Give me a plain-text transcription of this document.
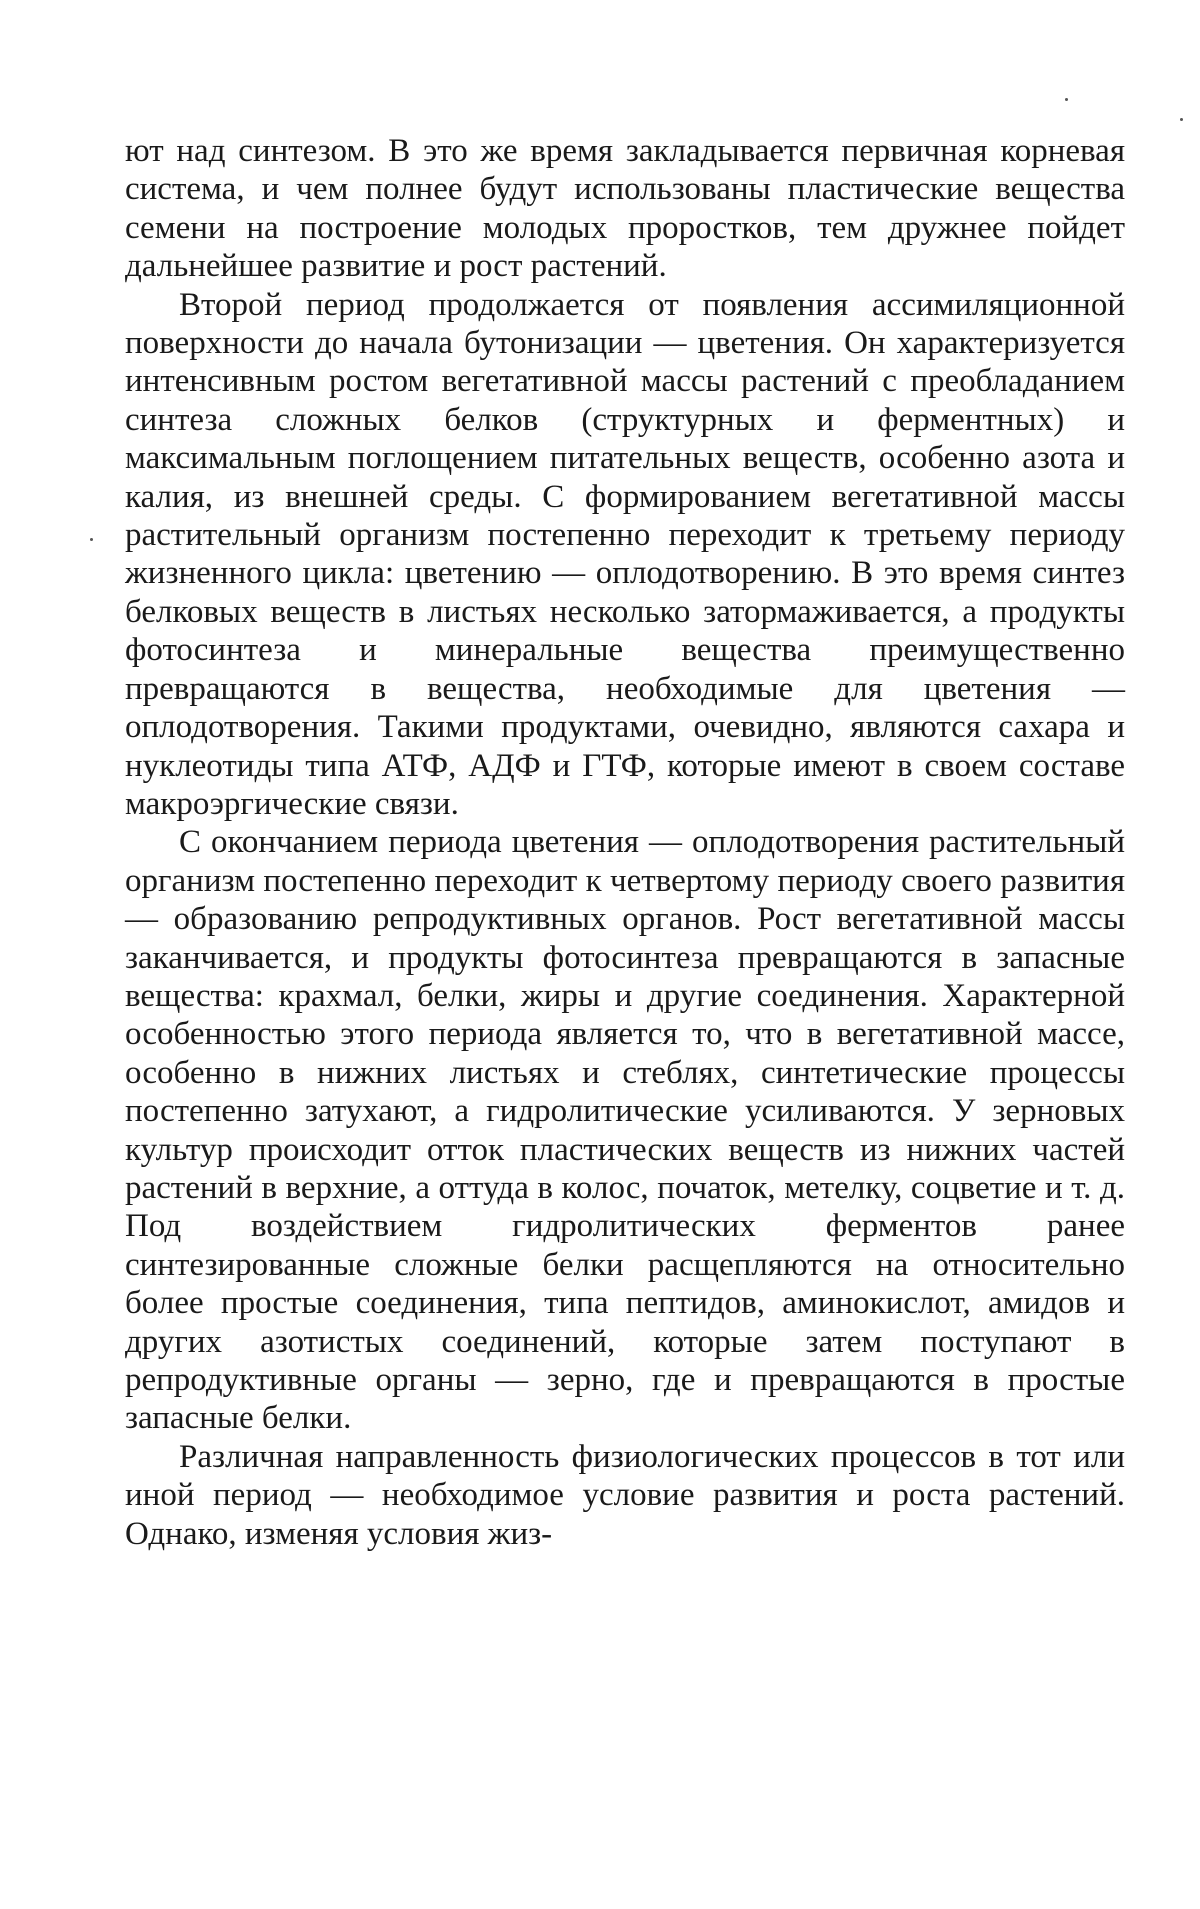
ют над синтезом. В это же время закладывается первичная корневая система, и чем полнее будут использованы пластические вещества семени на построение молодых проростков, тем дружнее пойдет дальнейшее развитие и рост растений.

Второй период продолжается от появления ассимиляционной поверхности до начала бутонизации — цветения. Он характеризуется интенсивным ростом вегетативной массы растений с преобладанием синтеза сложных белков (структурных и ферментных) и максимальным поглощением питательных веществ, особенно азота и калия, из внешней среды. С формированием вегетативной массы растительный организм постепенно переходит к третьему периоду жизненного цикла: цветению — оплодотворению. В это время синтез белковых веществ в листьях несколько затормаживается, а продукты фотосинтеза и минеральные вещества преимущественно превращаются в вещества, необходимые для цветения — оплодотворения. Такими продуктами, очевидно, являются сахара и нуклеотиды типа АТФ, АДФ и ГТФ, которые имеют в своем составе макроэргические связи.

С окончанием периода цветения — оплодотворения растительный организм постепенно переходит к четвертому периоду своего развития — образованию репродуктивных органов. Рост вегетативной массы заканчивается, и продукты фотосинтеза превращаются в запасные вещества: крахмал, белки, жиры и другие соединения. Характерной особенностью этого периода является то, что в вегетативной массе, особенно в нижних листьях и стеблях, синтетические процессы постепенно затухают, а гидролитические усиливаются. У зерновых культур происходит отток пластических веществ из нижних частей растений в верхние, а оттуда в колос, початок, метелку, соцветие и т. д. Под воздействием гидролитических ферментов ранее синтезированные сложные белки расщепляются на относительно более простые соединения, типа пептидов, аминокислот, амидов и других азотистых соединений, которые затем поступают в репродуктивные органы — зерно, где и превращаются в простые запасные белки.

Различная направленность физиологических процессов в тот или иной период — необходимое условие развития и роста растений. Однако, изменяя условия жиз-
